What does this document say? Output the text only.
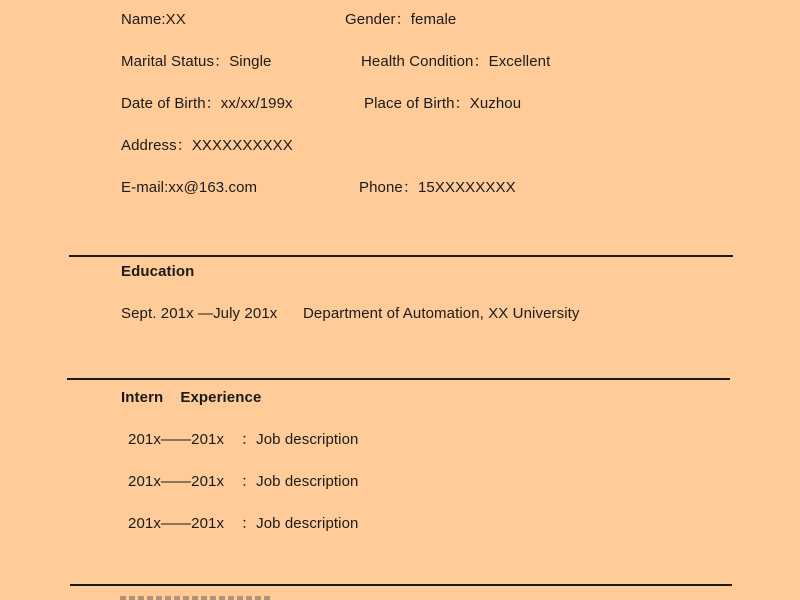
Name:XX	Gender：female
Marital Status：Single	Health Condition：Excellent
Date of Birth：xx/xx/199x	Place of Birth：Xuzhou
Address：XXXXXXXXXX
E-mail:xx@163.com	Phone：15XXXXXXXX
Education
Sept. 201x —July 201x Department of Automation, XX University
Intern    Experience
201x——201x ：Job description
201x——201x ：Job description
201x——201x ：Job description
